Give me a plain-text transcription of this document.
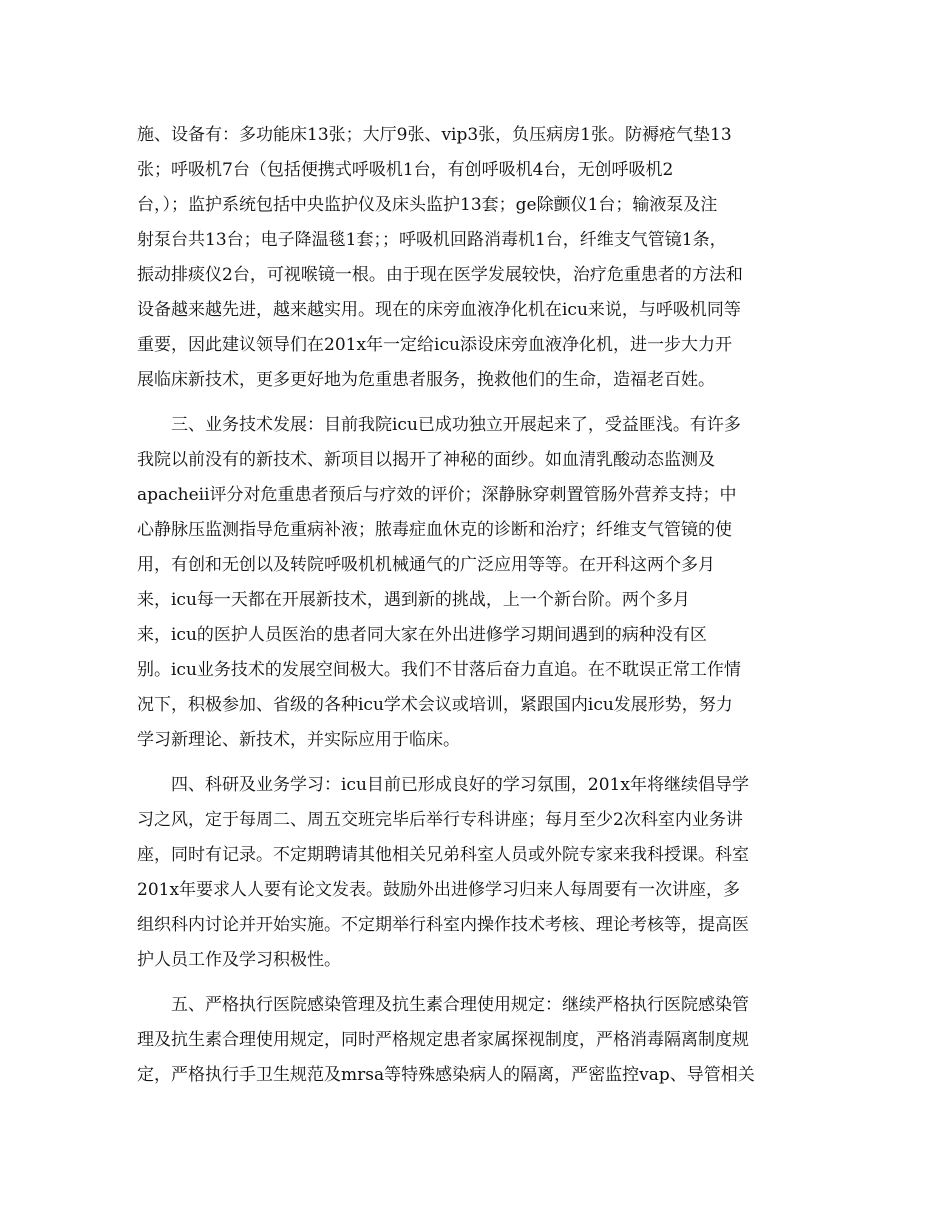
施、设备有：多功能床13张；大厅9张、vip3张，负压病房1张。防褥疮气垫13
张；呼吸机7台（包括便携式呼吸机1台，有创呼吸机4台，无创呼吸机2
台，）；监护系统包括中央监护仪及床头监护13套；ge除颤仪1台；输液泵及注
射泵台共13台；电子降温毯1套；；呼吸机回路消毒机1台，纤维支气管镜1条，
振动排痰仪2台，可视喉镜一根。由于现在医学发展较快，治疗危重患者的方法和
设备越来越先进，越来越实用。现在的床旁血液净化机在icu来说，与呼吸机同等
重要，因此建议领导们在201x年一定给icu添设床旁血液净化机，进一步大力开
展临床新技术，更多更好地为危重患者服务，挽救他们的生命，造福老百姓。
三、业务技术发展：目前我院icu已成功独立开展起来了，受益匪浅。有许多
我院以前没有的新技术、新项目以揭开了神秘的面纱。如血清乳酸动态监测及
apacheⅱ评分对危重患者预后与疗效的评价；深静脉穿刺置管肠外营养支持；中
心静脉压监测指导危重病补液；脓毒症血休克的诊断和治疗；纤维支气管镜的使
用，有创和无创以及转院呼吸机机械通气的广泛应用等等。在开科这两个多月
来，icu每一天都在开展新技术，遇到新的挑战，上一个新台阶。两个多月
来，icu的医护人员医治的患者同大家在外出进修学习期间遇到的病种没有区
别。icu业务技术的发展空间极大。我们不甘落后奋力直追。在不耽误正常工作情
况下，积极参加、省级的各种icu学术会议或培训，紧跟国内icu发展形势，努力
学习新理论、新技术，并实际应用于临床。
四、科研及业务学习：icu目前已形成良好的学习氛围，201x年将继续倡导学
习之风，定于每周二、周五交班完毕后举行专科讲座；每月至少2次科室内业务讲
座，同时有记录。不定期聘请其他相关兄弟科室人员或外院专家来我科授课。科室
201x年要求人人要有论文发表。鼓励外出进修学习归来人每周要有一次讲座，多
组织科内讨论并开始实施。不定期举行科室内操作技术考核、理论考核等，提高医
护人员工作及学习积极性。
五、严格执行医院感染管理及抗生素合理使用规定：继续严格执行医院感染管
理及抗生素合理使用规定，同时严格规定患者家属探视制度，严格消毒隔离制度规
定，严格执行手卫生规范及mrsa等特殊感染病人的隔离，严密监控vap、导管相关
